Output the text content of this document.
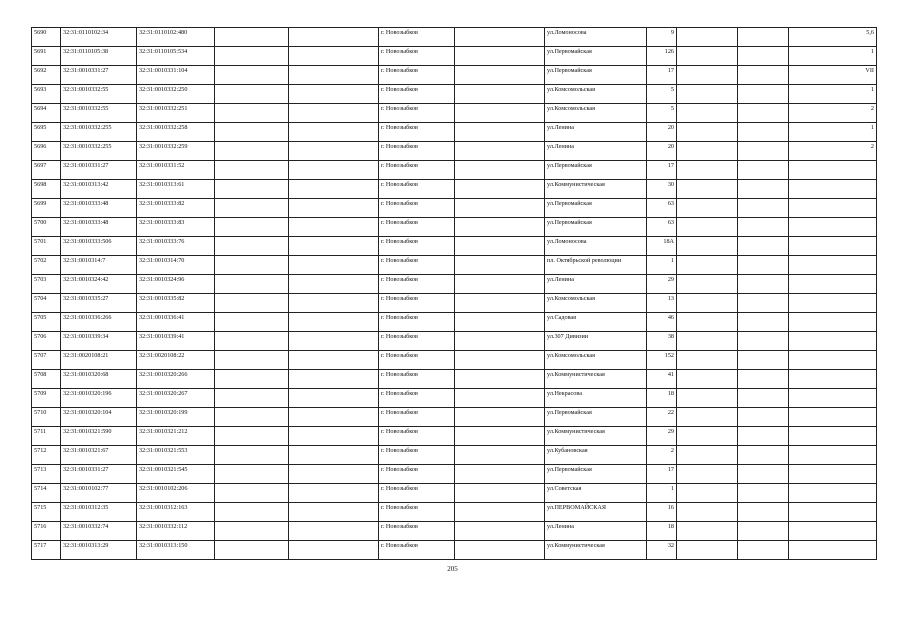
5690	32:31:0110102:34	32:31:0110102:480			г. Новозыбков		ул.Ломоносова	9			5,6
5691	32:31:0110105:38	32:31:0110105:534			г. Новозыбков		ул.Первомайская	126			1
5692	32:31:0010331:27	32:31:0010331:104			г. Новозыбков		ул.Первомайская	17			VII
5693	32:31:0010332:55	32:31:0010332:250			г. Новозыбков		ул.Комсомольская	5			1
5694	32:31:0010332:55	32:31:0010332:251			г. Новозыбков		ул.Комсомольская	5			2
5695	32:31:0010332:255	32:31:0010332:258			г. Новозыбков		ул.Ленина	20			1
5696	32:31:0010332:255	32:31:0010332:259			г. Новозыбков		ул.Ленина	20			2
5697	32:31:0010331:27	32:31:0010331:52			г. Новозыбков		ул.Первомайская	17			
5698	32:31:0010313:42	32:31:0010313:61			г. Новозыбков		ул.Коммунистическая	30			
5699	32:31:0010333:48	32:31:0010333:82			г. Новозыбков		ул.Первомайская	63			
5700	32:31:0010333:48	32:31:0010333:83			г. Новозыбков		ул.Первомайская	63			
5701	32:31:0010333:506	32:31:0010333:76			г. Новозыбков		ул.Ломоносова	18А			
5702	32:31:0010314:7	32:31:0010314:70			г. Новозыбков		пл. Октябрьской революции	1			
5703	32:31:0010324:42	32:31:0010324:96			г. Новозыбков		ул.Ленина	29			
5704	32:31:0010335:27	32:31:0010335:82			г. Новозыбков		ул.Комсомольская	13			
5705	32:31:0010336:266	32:31:0010336:41			г. Новозыбков		ул.Садовая	46			
5706	32:31:0010339:34	32:31:0010339:41			г. Новозыбков		ул.307 Дивизии	38			
5707	32:31:0020108:21	32:31:0020108:22			г. Новозыбков		ул.Комсомольская	152			
5708	32:31:0010320:68	32:31:0010320:266			г. Новозыбков		ул.Коммунистическая	41			
5709	32:31:0010320:196	32:31:0010320:267			г. Новозыбков		ул.Некрасова	18			
5710	32:31:0010320:104	32:31:0010320:199			г. Новозыбков		ул.Первомайская	22			
5711	32:31:0010321:590	32:31:0010321:212			г. Новозыбков		ул.Коммунистическая	29			
5712	32:31:0010321:67	32:31:0010321:553			г. Новозыбков		ул.Кубановская	2			
5713	32:31:0010331:27	32:31:0010321:545			г. Новозыбков		ул.Первомайская	17			
5714	32:31:0010102:77	32:31:0010102:206			г. Новозыбков		ул.Советская	1			
5715	32:31:0010312:35	32:31:0010312:163			г. Новозыбков		ул.ПЕРВОМАЙСКАЯ	16			
5716	32:31:0010332:74	32:31:0010332:112			г. Новозыбков		ул.Ленина	18			
5717	32:31:0010313:29	32:31:0010313:150			г. Новозыбков		ул.Коммунистическая	32			
205
